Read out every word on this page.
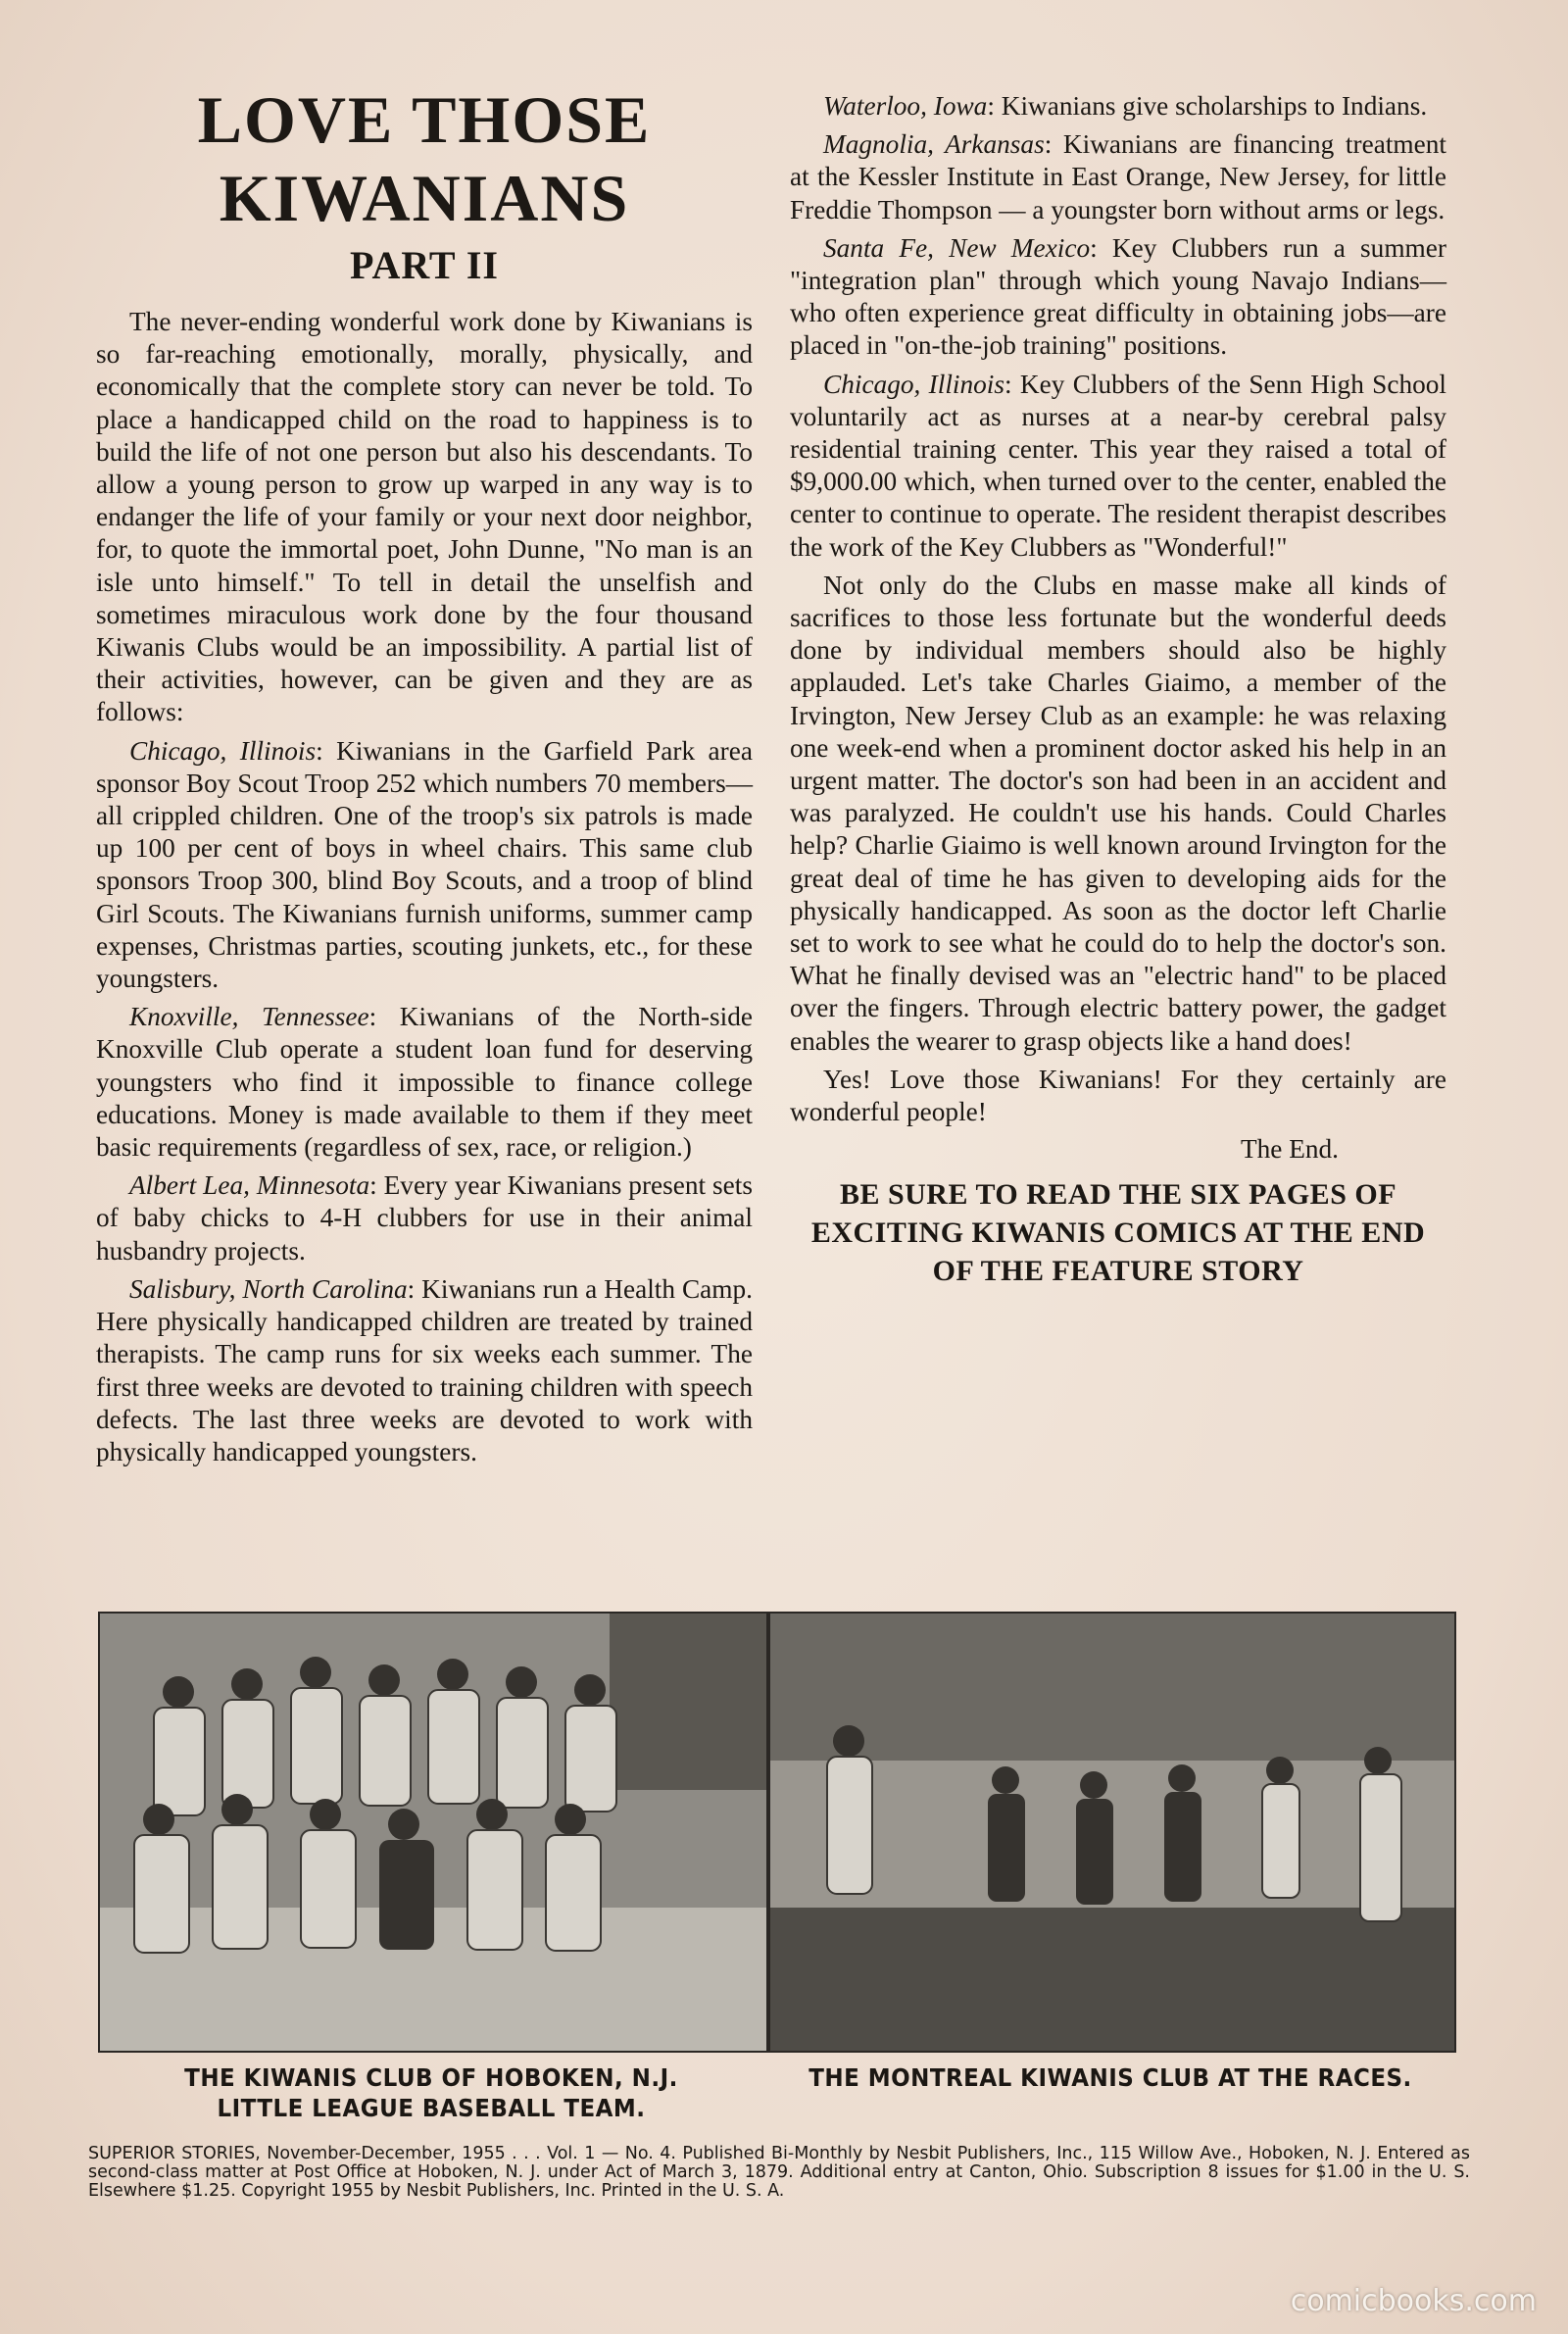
LOVE THOSE KIWANIANS
PART II

The never-ending wonderful work done by Kiwanians is so far-reaching emotionally, morally, physically, and economically that the complete story can never be told. To place a handicapped child on the road to happiness is to build the life of not one person but also his descendants. To allow a young person to grow up warped in any way is to endanger the life of your family or your next door neighbor, for, to quote the immortal poet, John Dunne, "No man is an isle unto himself." To tell in detail the unselfish and sometimes miraculous work done by the four thousand Kiwanis Clubs would be an impossibility. A partial list of their activities, however, can be given and they are as follows:

Chicago, Illinois: Kiwanians in the Garfield Park area sponsor Boy Scout Troop 252 which numbers 70 members—all crippled children. One of the troop's six patrols is made up 100 per cent of boys in wheel chairs. This same club sponsors Troop 300, blind Boy Scouts, and a troop of blind Girl Scouts. The Kiwanians furnish uniforms, summer camp expenses, Christmas parties, scouting junkets, etc., for these youngsters.

Knoxville, Tennessee: Kiwanians of the North-side Knoxville Club operate a student loan fund for deserving youngsters who find it impossible to finance college educations. Money is made available to them if they meet basic requirements (regardless of sex, race, or religion.)

Albert Lea, Minnesota: Every year Kiwanians present sets of baby chicks to 4-H clubbers for use in their animal husbandry projects.

Salisbury, North Carolina: Kiwanians run a Health Camp. Here physically handicapped children are treated by trained therapists. The camp runs for six weeks each summer. The first three weeks are devoted to training children with speech defects. The last three weeks are devoted to work with physically handicapped youngsters.

Waterloo, Iowa: Kiwanians give scholarships to Indians.

Magnolia, Arkansas: Kiwanians are financing treatment at the Kessler Institute in East Orange, New Jersey, for little Freddie Thompson — a youngster born without arms or legs.

Santa Fe, New Mexico: Key Clubbers run a summer "integration plan" through which young Navajo Indians—who often experience great difficulty in obtaining jobs—are placed in "on-the-job training" positions.

Chicago, Illinois: Key Clubbers of the Senn High School voluntarily act as nurses at a near-by cerebral palsy residential training center. This year they raised a total of $9,000.00 which, when turned over to the center, enabled the center to continue to operate. The resident therapist describes the work of the Key Clubbers as "Wonderful!"

Not only do the Clubs en masse make all kinds of sacrifices to those less fortunate but the wonderful deeds done by individual members should also be highly applauded. Let's take Charles Giaimo, a member of the Irvington, New Jersey Club as an example: he was relaxing one week-end when a prominent doctor asked his help in an urgent matter. The doctor's son had been in an accident and was paralyzed. He couldn't use his hands. Could Charles help? Charlie Giaimo is well known around Irvington for the great deal of time he has given to developing aids for the physically handicapped. As soon as the doctor left Charlie set to work to see what he could do to help the doctor's son. What he finally devised was an "electric hand" to be placed over the fingers. Through electric battery power, the gadget enables the wearer to grasp objects like a hand does!

Yes! Love those Kiwanians! For they certainly are wonderful people!

The End.

BE SURE TO READ THE SIX PAGES OF EXCITING KIWANIS COMICS AT THE END OF THE FEATURE STORY

THE KIWANIS CLUB OF HOBOKEN, N.J.
LITTLE LEAGUE BASEBALL TEAM.
THE MONTREAL KIWANIS CLUB AT THE RACES.
SUPERIOR STORIES, November-December, 1955 . . . Vol. 1 — No. 4. Published Bi-Monthly by Nesbit Publishers, Inc., 115 Willow Ave., Hoboken, N. J. Entered as second-class matter at Post Office at Hoboken, N. J. under Act of March 3, 1879. Additional entry at Canton, Ohio. Subscription 8 issues for $1.00 in the U. S. Elsewhere $1.25. Copyright 1955 by Nesbit Publishers, Inc. Printed in the U. S. A.
comicbooks.com
